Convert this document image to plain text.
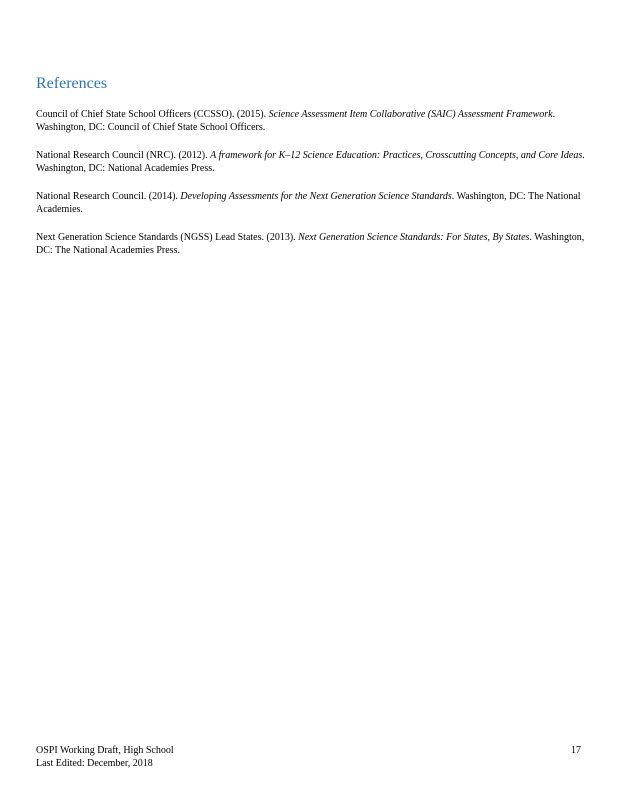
References
Council of Chief State School Officers (CCSSO). (2015). Science Assessment Item Collaborative (SAIC) Assessment Framework. Washington, DC: Council of Chief State School Officers.
National Research Council (NRC). (2012). A framework for K–12 Science Education: Practices, Crosscutting Concepts, and Core Ideas. Washington, DC: National Academies Press.
National Research Council. (2014). Developing Assessments for the Next Generation Science Standards. Washington, DC: The National Academies.
Next Generation Science Standards (NGSS) Lead States. (2013). Next Generation Science Standards: For States, By States. Washington, DC: The National Academies Press.
OSPI Working Draft, High School
Last Edited: December, 2018
17
